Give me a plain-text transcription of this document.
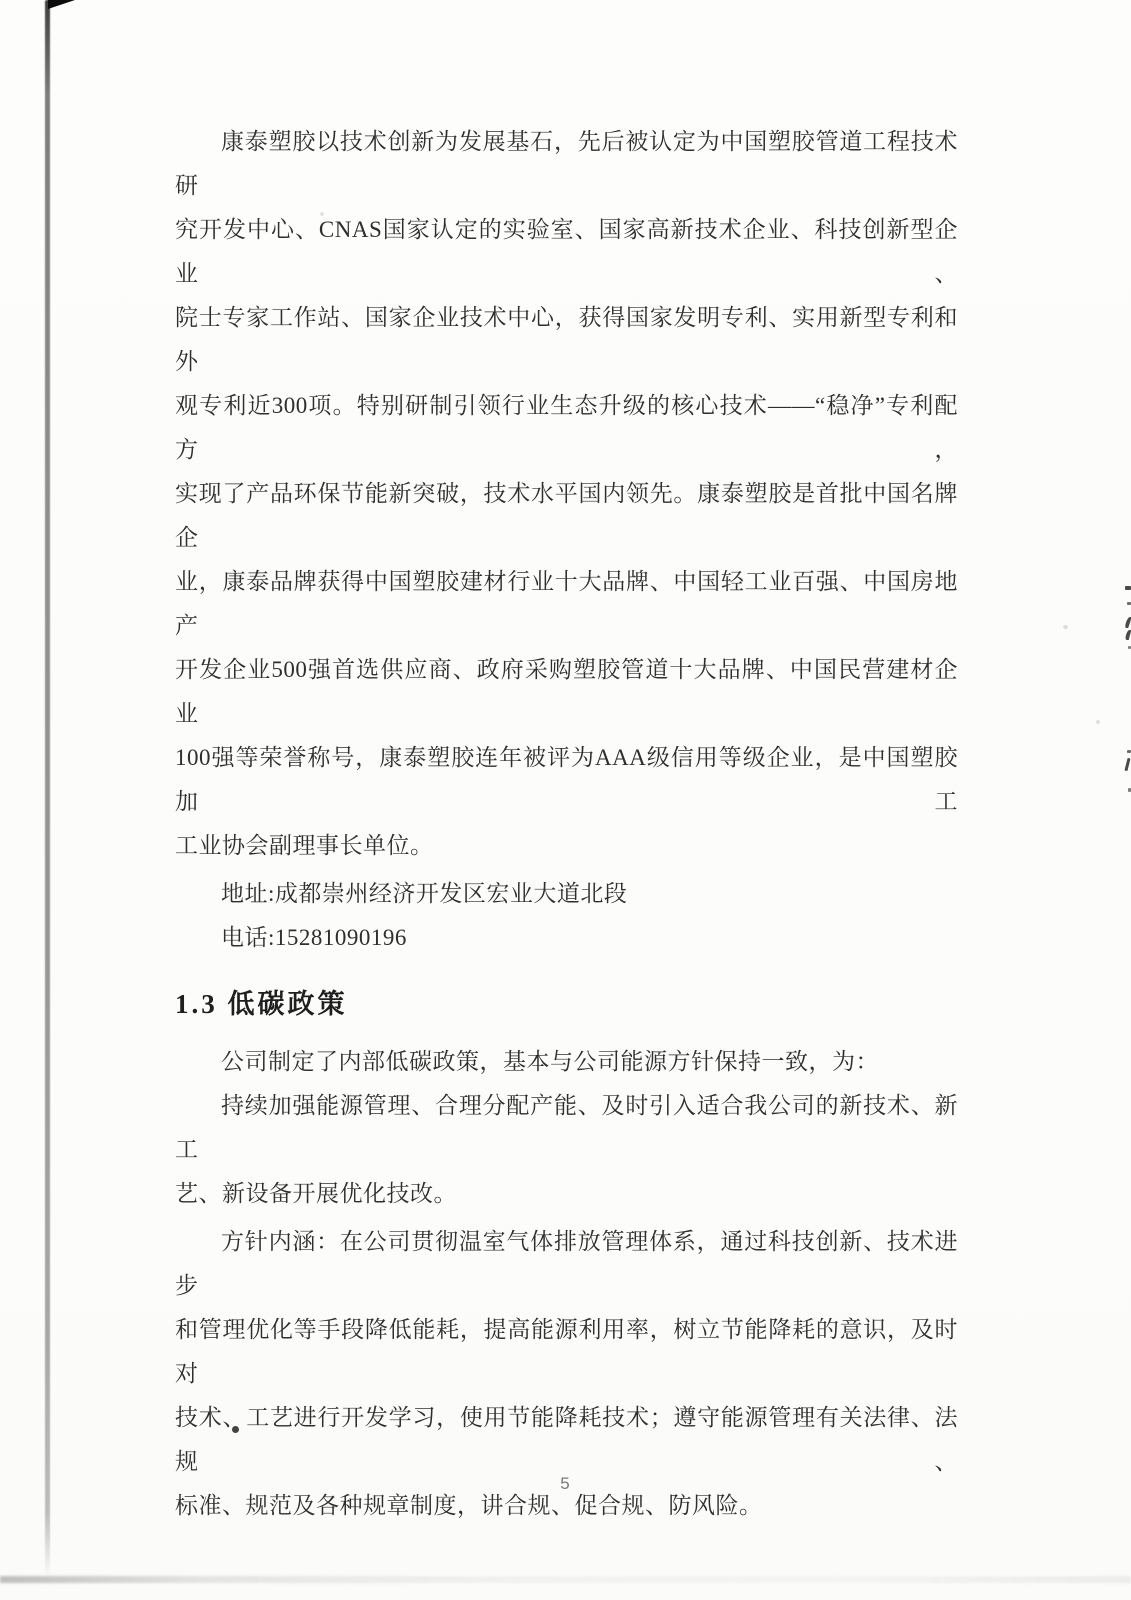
康泰塑胶以技术创新为发展基石，先后被认定为中国塑胶管道工程技术研
究开发中心、CNAS国家认定的实验室、国家高新技术企业、科技创新型企业、
院士专家工作站、国家企业技术中心，获得国家发明专利、实用新型专利和外
观专利近300项。特别研制引领行业生态升级的核心技术——“稳净”专利配方，
实现了产品环保节能新突破，技术水平国内领先。康泰塑胶是首批中国名牌企
业，康泰品牌获得中国塑胶建材行业十大品牌、中国轻工业百强、中国房地产
开发企业500强首选供应商、政府采购塑胶管道十大品牌、中国民营建材企业
100强等荣誉称号，康泰塑胶连年被评为AAA级信用等级企业，是中国塑胶加工
工业协会副理事长单位。
地址:成都崇州经济开发区宏业大道北段
电话:15281090196
1.3 低碳政策
公司制定了内部低碳政策，基本与公司能源方针保持一致，为：
持续加强能源管理、合理分配产能、及时引入适合我公司的新技术、新工
艺、新设备开展优化技改。
方针内涵：在公司贯彻温室气体排放管理体系，通过科技创新、技术进步
和管理优化等手段降低能耗，提高能源利用率，树立节能降耗的意识，及时对
技术、工艺进行开发学习，使用节能降耗技术；遵守能源管理有关法律、法规、
标准、规范及各种规章制度，讲合规、促合规、防风险。
5
